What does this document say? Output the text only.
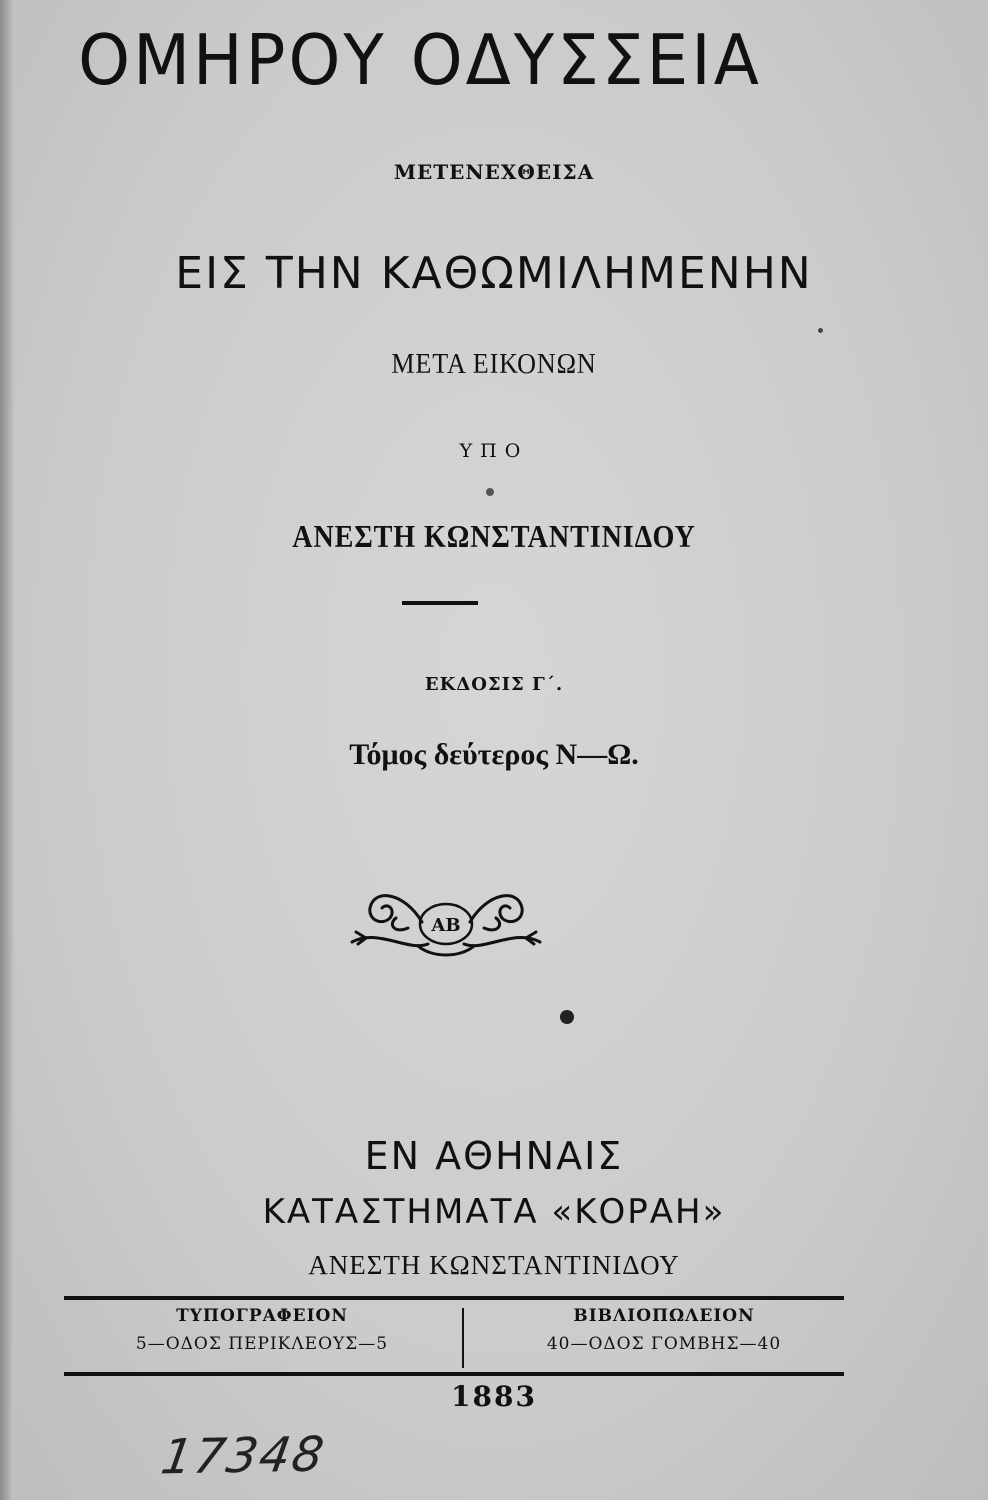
ΟΜΗΡΟΥ ΟΔΥΣΣΕΙΑ
ΜΕΤΕΝΕΧΘΕΙΣΑ
ΕΙΣ ΤΗΝ ΚΑΘΩΜΙΛΗΜΕΝΗΝ
ΜΕΤΑ ΕΙΚΟΝΩΝ
ΥΠΟ
ΑΝΕΣΤΗ ΚΩΝΣΤΑΝΤΙΝΙΔΟΥ
ΕΚΔΟΣΙΣ Γ΄.
Τόμος δεύτερος Ν—Ω.
ΑΒ
ΕΝ ΑΘΗΝΑΙΣ
ΚΑΤΑΣΤΗΜΑΤΑ «ΚΟΡΑΗ»
ΑΝΕΣΤΗ ΚΩΝΣΤΑΝΤΙΝΙΔΟΥ
ΤΥΠΟΓΡΑΦΕΙΟΝ
5—ΟΔΟΣ ΠΕΡΙΚΛΕΟΥΣ—5
ΒΙΒΛΙΟΠΩΛΕΙΟΝ
40—ΟΔΟΣ ΓΟΜΒΗΣ—40
1883
17348
